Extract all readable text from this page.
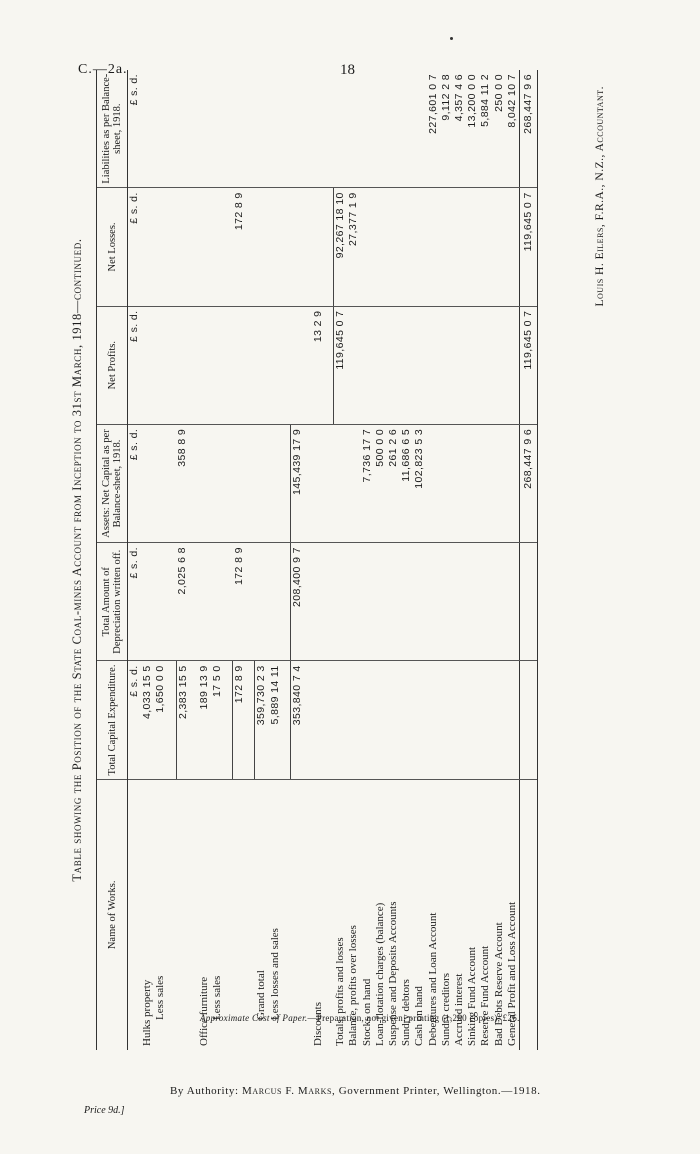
C.—2a.	18
Table showing the Position of the State Coal-mines Account from Inception to 31st March, 1918—continued.
Name of Works.	Total Capital Expenditure.	Total Amount of Depreciation written off.	Assets: Net Capital as per Balance-sheet, 1918.	Net Profits.	Net Losses.	Liabilities as per Balance-sheet, 1918.
	£ s. d.	£ s. d.	£ s. d.	£ s. d.	£ s. d.	£ s. d.
Hulks property	4,033 15 5					
Less sales	1,650 0 0					

	2,383 15 5	2,025 6 8	358 8 9			

Office furniture	189 13 9					
Less sales	17 5 0					

	172 8 9	172 8 9			172 8 9	

Grand total	359,730 2 3					
Less losses and sales	5,889 14 11					

	353,840 7 4	208,400 9 7	145,439 17 9			

Discounts				13 2 9		

Totals, profits and losses				119,645 0 7	92,267 18 10	
Balance, profits over losses					27,377 1 9	
Stocks on hand			7,736 17 7			
Loan-flotation charges (balance)			500 0 0			
Suspense and Deposits Accounts			261 2 6			
Sundry debtors			11,686 6 5			
Cash on hand			102,823 5 3			
Debentures and Loan Account						227,601 0 7
Sundry creditors						9,112 2 8
Accrued interest						4,357 4 6
Sinking Fund Account						13,200 0 0
Reserve Fund Account						5,884 11 2
Bad Debts Reserve Account						250 0 0
General Profit and Loss Account						8,042 10 7
			268,447 9 6	119,645 0 7	119,645 0 7	268,447 9 6	Louis H. Eilers, F.R.A., N.Z., Accountant.
Approximate Cost of Paper.—Preparation, not given; printing (1,200 copies), £26.
By Authority: Marcus F. Marks, Government Printer, Wellington.—1918.
Price 9d.]
